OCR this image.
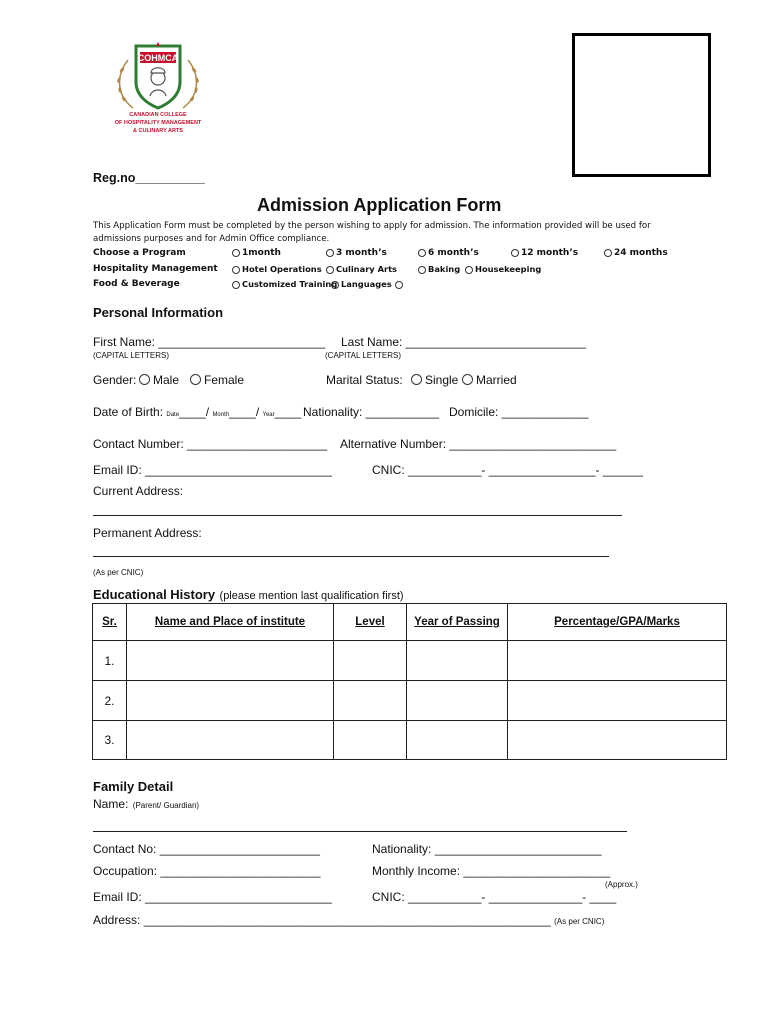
COHMCA
CANADIAN COLLEGE
OF HOSPITALITY MANAGEMENT
& CULINARY ARTS
Reg.no__________
Admission Application Form
This Application Form must be completed by the person wishing to apply for admission. The information provided will be used for
admissions purposes and for Admin Office compliance.
Choose a Program	1month	3 month’s	6 month’s	12 month’s	24 months
Hospitality Management	Hotel Operations	Culinary Arts	Baking	Housekeeping
Food & Beverage	Customized Training Languages
Personal Information
First Name: _________________________ Last Name: ___________________________
(CAPITAL LETTERS)	(CAPITAL LETTERS)
Gender:	Male	Female	Marital Status:	Single	Married
Date of Birth: Date____/ Month____/ Year____ Nationality: ___________ Domicile: _____________
Contact Number: _____________________ Alternative Number: _________________________
Email ID: ____________________________	CNIC: ___________- ________________- ______
Current Address:
Permanent Address:
(As per CNIC)
Educational History (please mention last qualification first)
Sr.	Name and Place of institute	Level	Year of Passing	Percentage/GPA/Marks
1.				
2.				
3.				
Family Detail
Name: (Parent/ Guardian)
Contact No: ________________________	Nationality: _________________________
Occupation: ________________________	Monthly Income: ______________________
(Approx.)
Email ID: ____________________________	CNIC: ___________- ______________- ____
Address: _____________________________________________________________ (As per CNIC)
